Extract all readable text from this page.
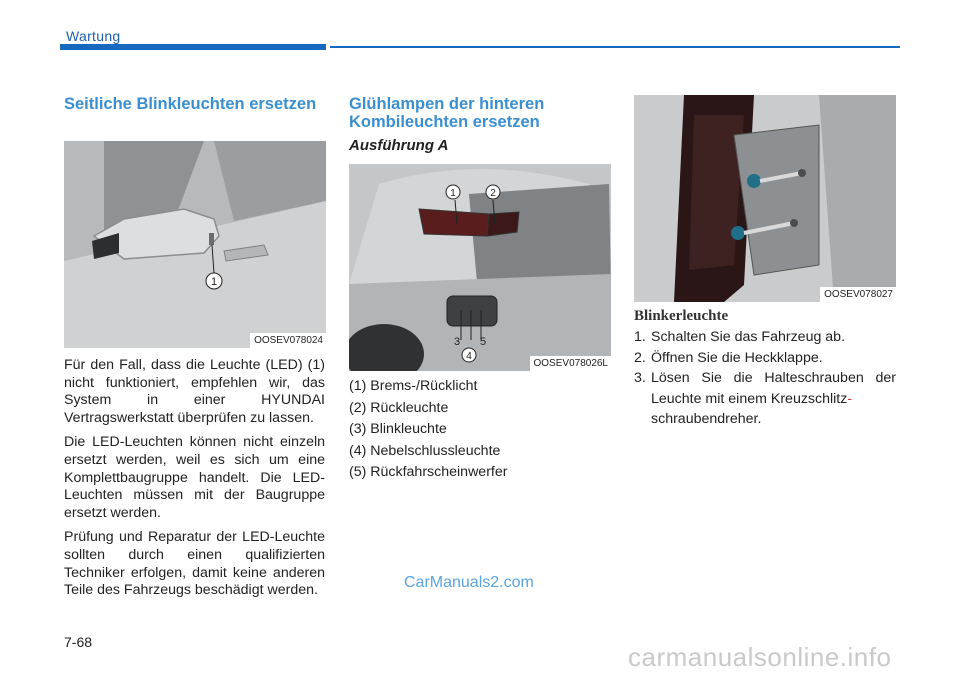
Wartung
Seitliche Blinkleuchten ersetzen
1
OOSEV078024

Für den Fall, dass die Leuchte (LED) (1) nicht funktioniert, empfehlen wir, das System in einer HYUNDAI Vertragswerkstatt überprüfen zu lassen.

Die LED-Leuchten können nicht einzeln ersetzt werden, weil es sich um eine Komplettbaugruppe handelt. Die LED-Leuchten müssen mit der Baugruppe ersetzt werden.

Prüfung und Reparatur der LED-Leuchte sollten durch einen qualifizierten Techniker erfolgen, damit keine anderen Teile des Fahrzeugs beschädigt werden.

Glühlampen der hinteren Kombileuchten ersetzen
Ausführung A
1	2
3
4
5
OOSEV078026L
(1) Brems-/Rücklicht
(2) Rückleuchte
(3) Blinkleuchte
(4) Nebelschlussleuchte
(5) Rückfahrscheinwerfer
OOSEV078027
Blinkerleuchte
1. Schalten Sie das Fahrzeug ab.
2. Öffnen Sie die Heckklappe.
3. Lösen Sie die Halteschrauben der Leuchte mit einem Kreuzschlitz-
schraubendreher.
CarManuals2.com
7-68	carmanualsonline.info
